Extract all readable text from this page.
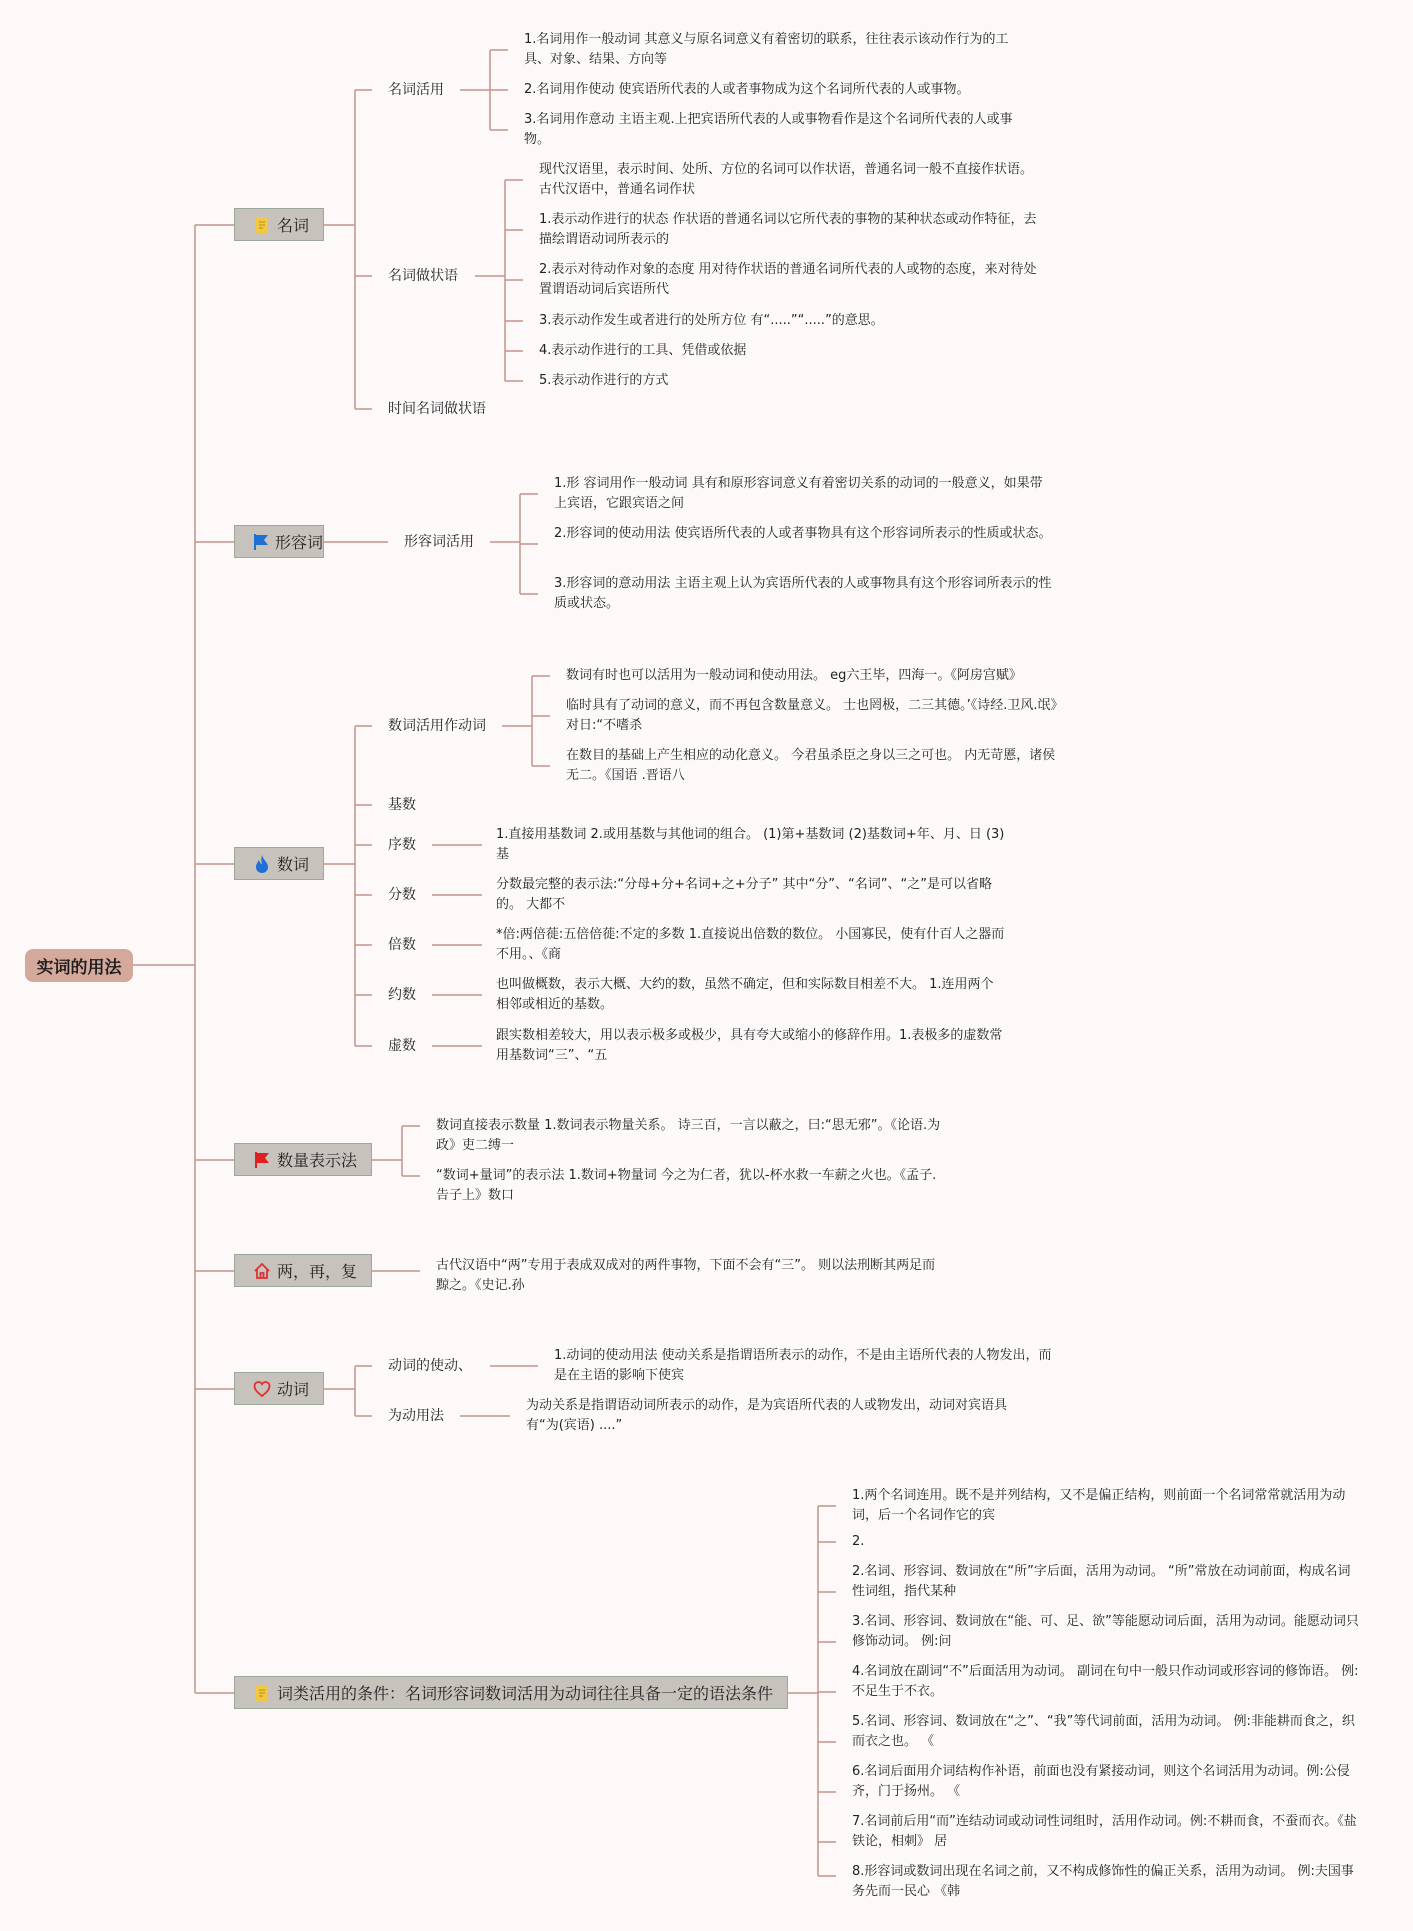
实词的用法
名词
名词活用
1.名词用作一般动词 其意义与原名词意义有着密切的联系，往往表示该动作行为的工具、对象、结果、方向等
2.名词用作使动 使宾语所代表的人或者事物成为这个名词所代表的人或事物。
3.名词用作意动 主语主观.上把宾语所代表的人或事物看作是这个名词所代表的人或事物。
名词做状语
现代汉语里，表示时间、处所、方位的名词可以作状语，普通名词一般不直接作状语。古代汉语中，普通名词作状
1.表示动作进行的状态 作状语的普通名词以它所代表的事物的某种状态或动作特征，去描绘谓语动词所表示的
2.表示对待动作对象的态度 用对待作状语的普通名词所代表的人或物的态度，来对待处置谓语动词后宾语所代
3.表示动作发生或者进行的处所方位 有“.....”“.....”的意思。
4.表示动作进行的工具、凭借或依据
5.表示动作进行的方式
时间名词做状语
形容词	形容词活用
1.形 容词用作一般动词 具有和原形容词意义有着密切关系的动词的一般意义，如果带上宾语，它跟宾语之间
2.形容词的使动用法 使宾语所代表的人或者事物具有这个形容词所表示的性质或状态。
3.形容词的意动用法 主语主观上认为宾语所代表的人或事物具有这个形容词所表示的性质或状态。
数词
数词活用作动词
数词有时也可以活用为一般动词和使动用法。 eg六王毕，四海一。《阿房宫赋》
临时具有了动词的意义，而不再包含数量意义。 士也罔极，二三其德。’《诗经.卫风.氓》 对日:“不嗜杀
在数目的基础上产生相应的动化意义。 今君虽杀臣之身以三之可也。 内无苛慝，诸侯无二。《国语 .晋语八
基数
序数
1.直接用基数词 2.或用基数与其他词的组合。 (1)第+基数词 (2)基数词+年、月、日 (3)基
分数
分数最完整的表示法:“分母+分+名词+之+分子” 其中“分”、“名词”、“之”是可以省略的。 大都不
倍数
*倍:两倍蓰:五倍倍蓰:不定的多数 1.直接说出倍数的数位。 小国寡民，使有什百人之器而不用。、《商
约数
也叫做概数，表示大概、大约的数，虽然不确定，但和实际数目相差不大。 1.连用两个相邻或相近的基数。
虚数
跟实数相差较大，用以表示极多或极少，具有夸大或缩小的修辞作用。1.表极多的虚数常用基数词“三”、“五
数量表示法
数词直接表示数量 1.数词表示物量关系。 诗三百，一言以蔽之，曰:“思无邪”。《论语.为政》吏二缚一
“数词+量词”的表示法 1.数词+物量词 今之为仁者，犹以-杯水救一车薪之火也。《孟子.告子上》数口
两，再，复	古代汉语中“两”专用于表成双成对的两件事物，下面不会有“三”。 则以法刑断其两足而黥之。《史记.孙
动词
动词的使动、
1.动词的使动用法 使动关系是指谓语所表示的动作，不是由主语所代表的人物发出，而是在主语的影响下使宾
为动用法
为动关系是指谓语动词所表示的动作，是为宾语所代表的人或物发出，动词对宾语具有“为(宾语) ....”
词类活用的条件：名词形容词数词活用为动词往往具备一定的语法条件
1.两个名词连用。既不是并列结构，又不是偏正结构，则前面一个名词常常就活用为动词，后一个名词作它的宾
2.
2.名词、形容词、数词放在“所”字后面，活用为动词。 “所”常放在动词前面，构成名词性词组，指代某种
3.名词、形容词、数词放在“能、可、足、欲”等能愿动词后面，活用为动词。能愿动词只修饰动词。 例:问
4.名词放在副词“不”后面活用为动词。 副词在句中一般只作动词或形容词的修饰语。 例:不足生于不衣。
5.名词、形容词、数词放在“之”、“我”等代词前面，活用为动词。 例:非能耕而食之，织而衣之也。 《
6.名词后面用介词结构作补语，前面也没有紧接动词，则这个名词活用为动词。例:公侵齐，门于扬州。 《
7.名词前后用“而”连结动词或动词性词组时，活用作动词。例:不耕而食，不蚕而衣。《盐铁论，相刺》 居
8.形容词或数词出现在名词之前，又不构成修饰性的偏正关系，活用为动词。 例:夫国事务先而一民心 《韩
